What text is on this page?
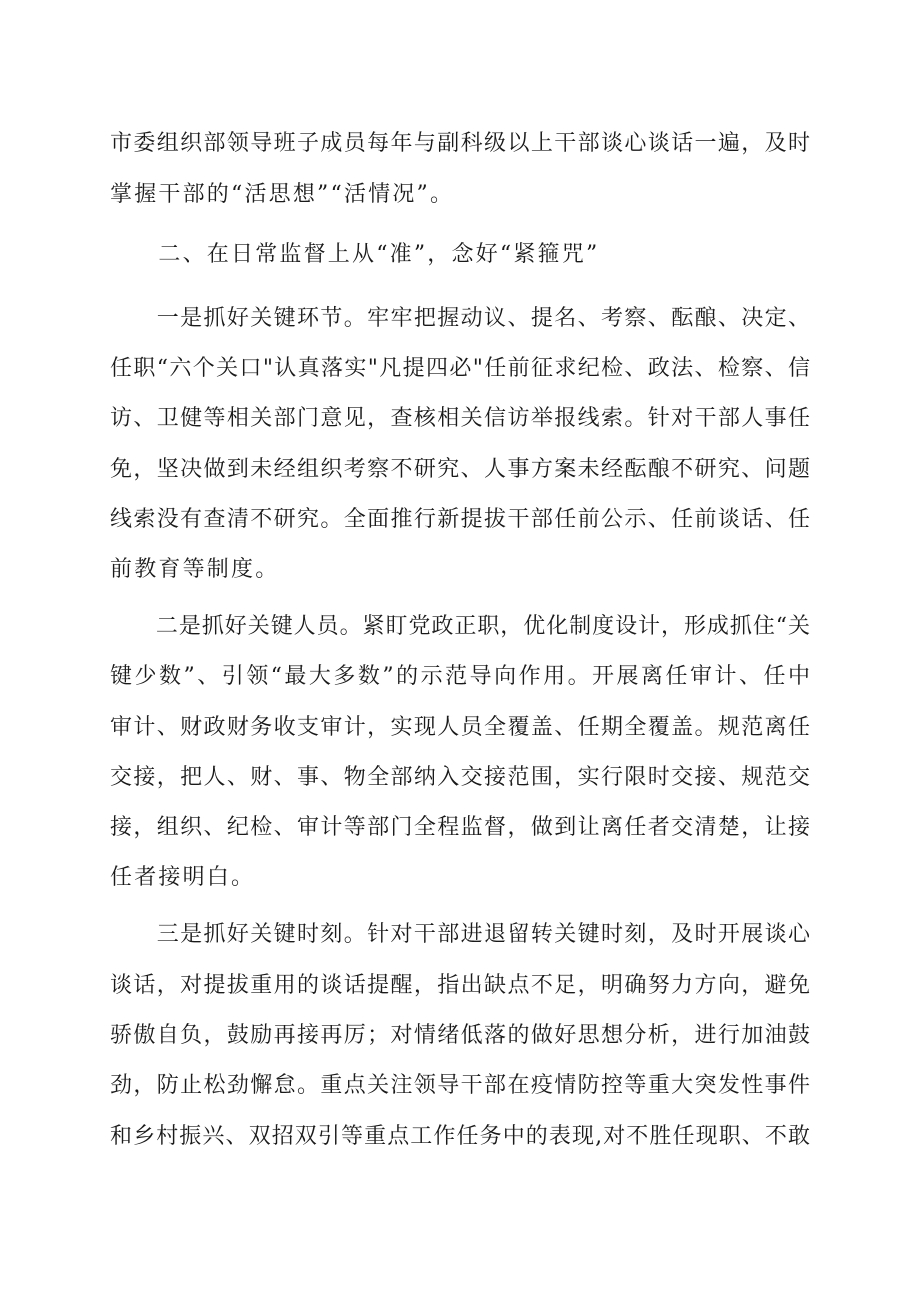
市委组织部领导班子成员每年与副科级以上干部谈心谈话一遍，及时
掌握干部的“活思想”“活情况”。
　　二、在日常监督上从“准”，念好“紧箍咒”
　　一是抓好关键环节。牢牢把握动议、提名、考察、酝酿、决定、
任职“六个关口"认真落实"凡提四必"任前征求纪检、政法、检察、信
访、卫健等相关部门意见，查核相关信访举报线索。针对干部人事任
免，坚决做到未经组织考察不研究、人事方案未经酝酿不研究、问题
线索没有查清不研究。全面推行新提拔干部任前公示、任前谈话、任
前教育等制度。
　　二是抓好关键人员。紧盯党政正职，优化制度设计，形成抓住“关
键少数”、引领“最大多数”的示范导向作用。开展离任审计、任中
审计、财政财务收支审计，实现人员全覆盖、任期全覆盖。规范离任
交接，把人、财、事、物全部纳入交接范围，实行限时交接、规范交
接，组织、纪检、审计等部门全程监督，做到让离任者交清楚，让接
任者接明白。
　　三是抓好关键时刻。针对干部进退留转关键时刻，及时开展谈心
谈话，对提拔重用的谈话提醒，指出缺点不足，明确努力方向，避免
骄傲自负，鼓励再接再厉；对情绪低落的做好思想分析，进行加油鼓
劲，防止松劲懈怠。重点关注领导干部在疫情防控等重大突发性事件
和乡村振兴、双招双引等重点工作任务中的表现,对不胜任现职、不敢
